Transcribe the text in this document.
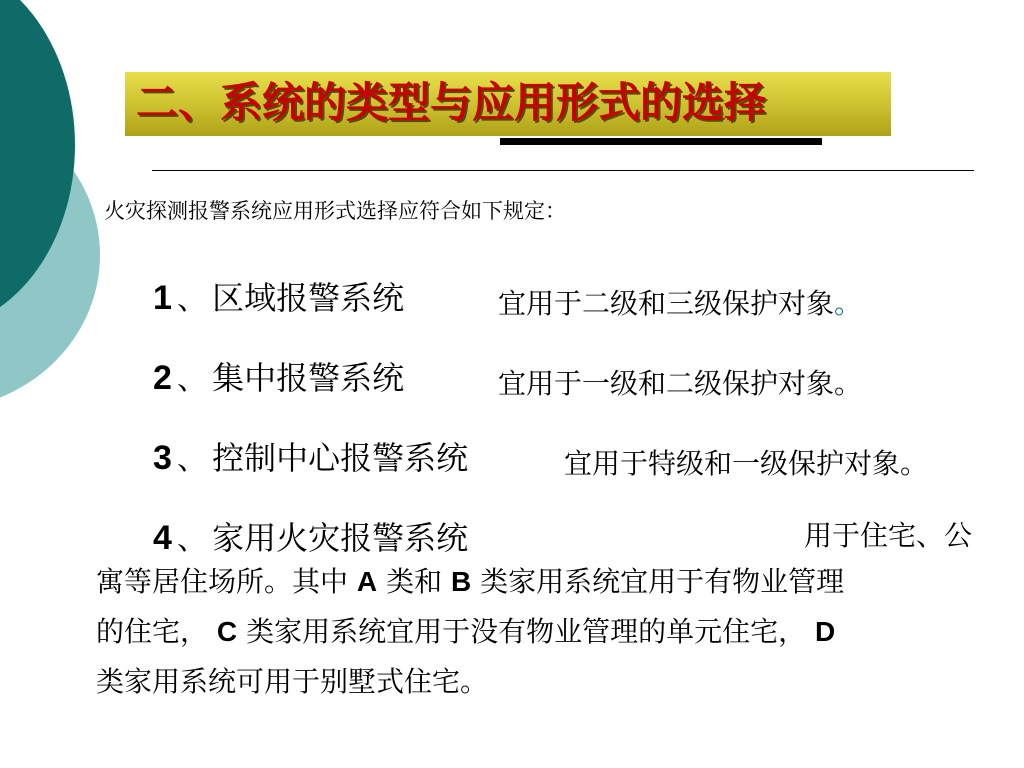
二、系统的类型与应用形式的选择
火灾探测报警系统应用形式选择应符合如下规定：
1 、 区域报警系统	宜用于二级和三级保护对象。
2 、 集中报警系统	宜用于一级和二级保护对象。
3 、 控制中心报警系统	宜用于特级和一级保护对象。
4 、 家用火灾报警系统	用于住宅、公
寓等居住场所。其中 A 类和 B 类家用系统宜用于有物业管理
的住宅， C 类家用系统宜用于没有物业管理的单元住宅， D
类家用系统可用于别墅式住宅。
